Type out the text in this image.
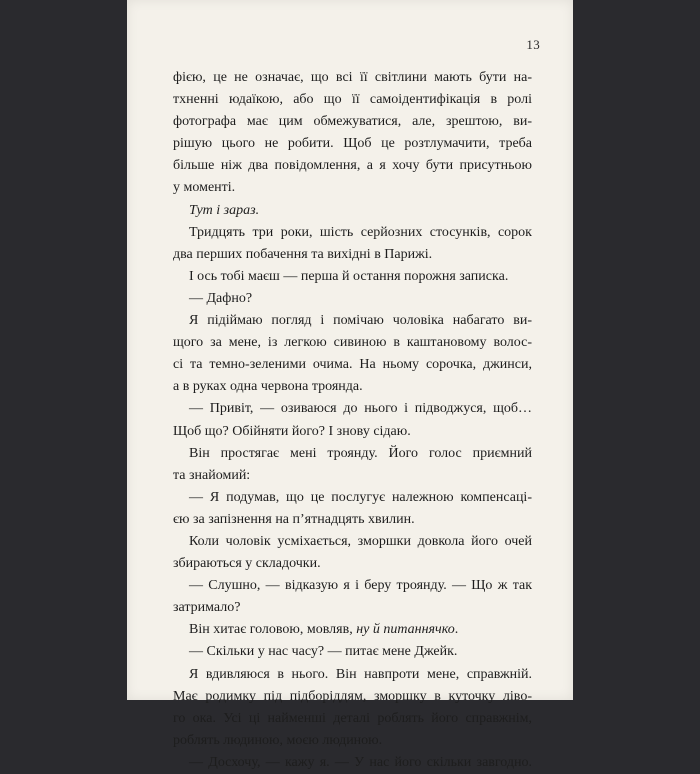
13
фією, це не означає, що всі її світлини мають бути на-
тхненні юдаїкою, або що її самоідентифікація в ролі
фотографа має цим обмежуватися, але, зрештою, ви-
рішую цього не робити. Щоб це розтлумачити, треба
більше ніж два повідомлення, а я хочу бути присутньою
у моменті.
Тут і зараз.
Тридцять три роки, шість серйозних стосунків, сорок
два перших побачення та вихідні в Парижі.
І ось тобі маєш — перша й остання порожня записка.
— Дафно?
Я підіймаю погляд і помічаю чоловіка набагато ви-
щого за мене, із легкою сивиною в каштановому волос-
сі та темно-зеленими очима. На ньому сорочка, джинси,
а в руках одна червона троянда.
— Привіт, — озиваюся до нього і підводжуся, щоб…
Щоб що? Обійняти його? І знову сідаю.
Він простягає мені троянду. Його голос приємний
та знайомий:
— Я подумав, що це послугує належною компенсаці-
єю за запізнення на п’ятнадцять хвилин.
Коли чоловік усміхається, зморшки довкола його очей
збираються у складочки.
— Слушно, — відказую я і беру троянду. — Що ж так
затримало?
Він хитає головою, мовляв, ну й питаннячко.
— Скільки у нас часу? — питає мене Джейк.
Я вдивляюся в нього. Він навпроти мене, справжній.
Має родимку під підборіддям, зморшку в куточку ліво-
го ока. Усі ці найменші деталі роблять його справжнім,
роблять людиною, моєю людиною.
— Досхочу, — кажу я. — У нас його скільки завгодно.
